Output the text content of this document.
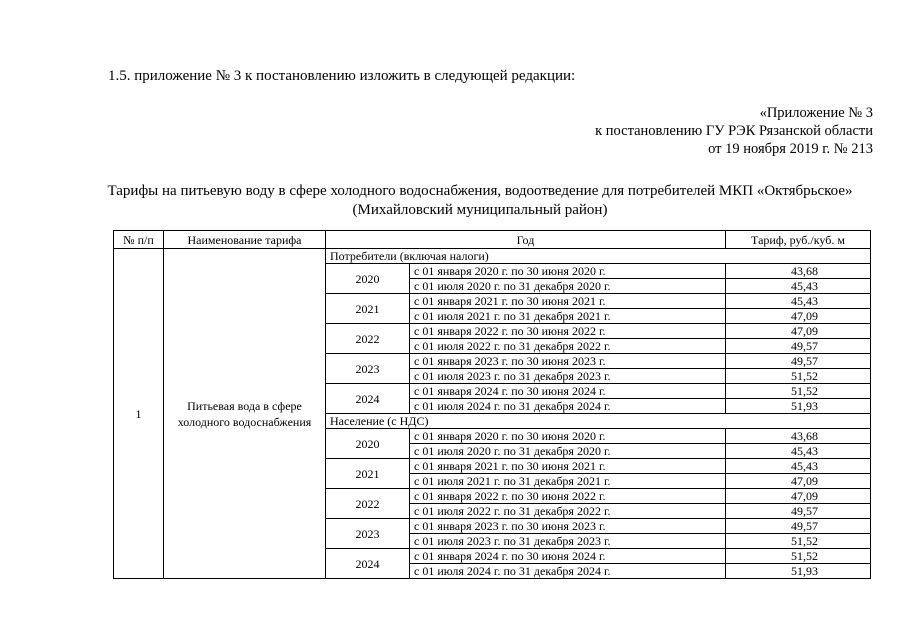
1.5. приложение № 3 к постановлению изложить в следующей редакции:
«Приложение № 3
к постановлению ГУ РЭК Рязанской области
от 19 ноября 2019 г. № 213
Тарифы на питьевую воду в сфере холодного водоснабжения, водоотведение для потребителей МКП «Октябрьское»
(Михайловский муниципальный район)
№ п/п	Наименование тарифа	Год		Тариф, руб./куб. м
1	Питьевая вода в сфере холодного водоснабжения	Потребители (включая налоги)		
		2020	с 01 января 2020 г. по 30 июня 2020 г.	43,68
			с 01 июля 2020 г. по 31 декабря 2020 г.	45,43
		2021	с 01 января 2021 г. по 30 июня 2021 г.	45,43
			с 01 июля 2021 г. по 31 декабря 2021 г.	47,09
		2022	с 01 января 2022 г. по 30 июня 2022 г.	47,09
			с 01 июля 2022 г. по 31 декабря 2022 г.	49,57
		2023	с 01 января 2023 г. по 30 июня 2023 г.	49,57
			с 01 июля 2023 г. по 31 декабря 2023 г.	51,52
		2024	с 01 января 2024 г. по 30 июня 2024 г.	51,52
			с 01 июля 2024 г. по 31 декабря 2024 г.	51,93
		Население (с НДС)		
		2020	с 01 января 2020 г. по 30 июня 2020 г.	43,68
			с 01 июля 2020 г. по 31 декабря 2020 г.	45,43
		2021	с 01 января 2021 г. по 30 июня 2021 г.	45,43
			с 01 июля 2021 г. по 31 декабря 2021 г.	47,09
		2022	с 01 января 2022 г. по 30 июня 2022 г.	47,09
			с 01 июля 2022 г. по 31 декабря 2022 г.	49,57
		2023	с 01 января 2023 г. по 30 июня 2023 г.	49,57
			с 01 июля 2023 г. по 31 декабря 2023 г.	51,52
		2024	с 01 января 2024 г. по 30 июня 2024 г.	51,52
			с 01 июля 2024 г. по 31 декабря 2024 г.	51,93
